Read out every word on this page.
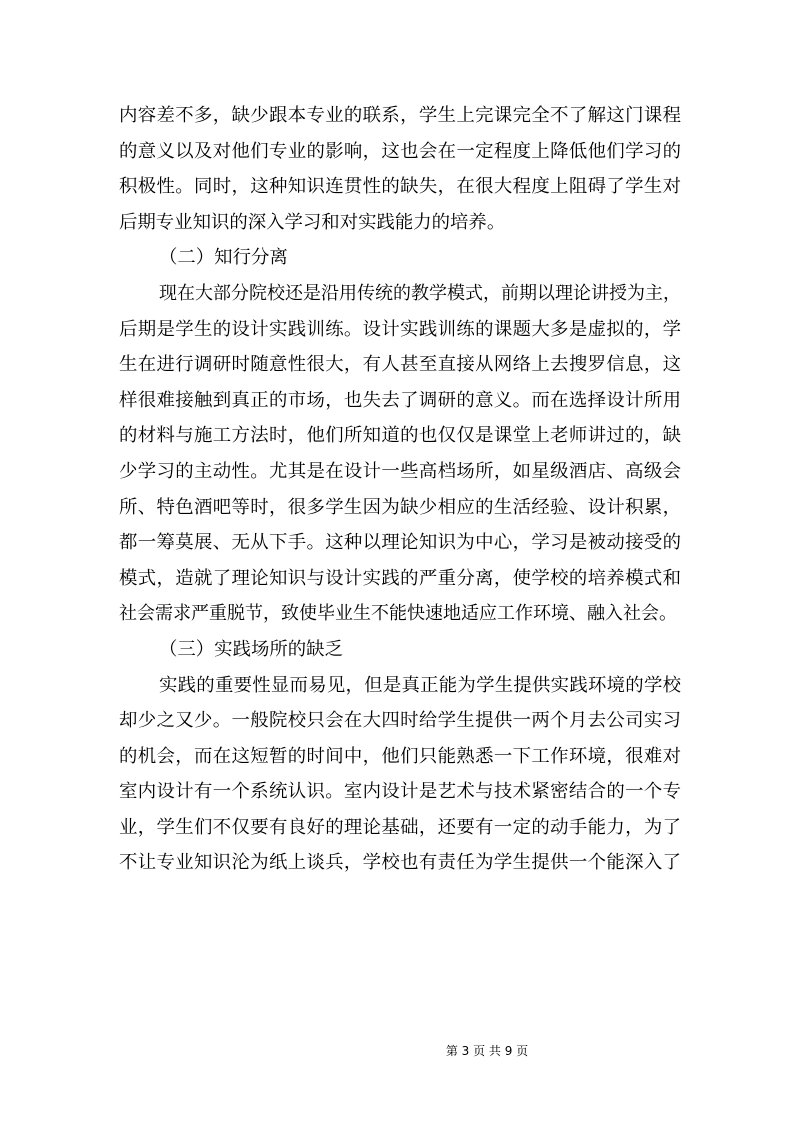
内容差不多，缺少跟本专业的联系，学生上完课完全不了解这门课程
的意义以及对他们专业的影响，这也会在一定程度上降低他们学习的
积极性。同时，这种知识连贯性的缺失，在很大程度上阻碍了学生对
后期专业知识的深入学习和对实践能力的培养。
（二）知行分离
现在大部分院校还是沿用传统的教学模式，前期以理论讲授为主，
后期是学生的设计实践训练。设计实践训练的课题大多是虚拟的，学
生在进行调研时随意性很大，有人甚至直接从网络上去搜罗信息，这
样很难接触到真正的市场，也失去了调研的意义。而在选择设计所用
的材料与施工方法时，他们所知道的也仅仅是课堂上老师讲过的，缺
少学习的主动性。尤其是在设计一些高档场所，如星级酒店、高级会
所、特色酒吧等时，很多学生因为缺少相应的生活经验、设计积累，
都一筹莫展、无从下手。这种以理论知识为中心，学习是被动接受的
模式，造就了理论知识与设计实践的严重分离，使学校的培养模式和
社会需求严重脱节，致使毕业生不能快速地适应工作环境、融入社会。
（三）实践场所的缺乏
实践的重要性显而易见，但是真正能为学生提供实践环境的学校
却少之又少。一般院校只会在大四时给学生提供一两个月去公司实习
的机会，而在这短暂的时间中，他们只能熟悉一下工作环境，很难对
室内设计有一个系统认识。室内设计是艺术与技术紧密结合的一个专
业，学生们不仅要有良好的理论基础，还要有一定的动手能力，为了
不让专业知识沦为纸上谈兵，学校也有责任为学生提供一个能深入了
第 3 页 共 9 页
